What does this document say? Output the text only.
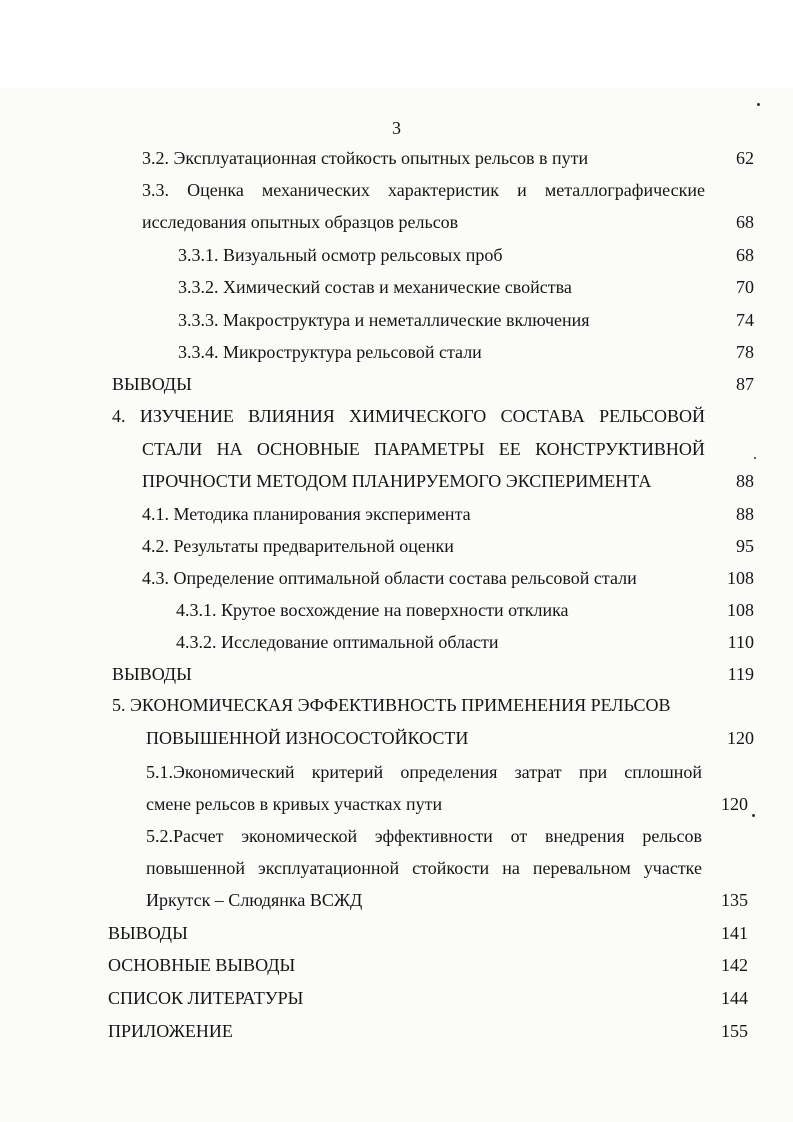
3
3.2. Эксплуатационная стойкость опытных рельсов в пути	62
3.3. Оценка механических характеристик и металлографические
исследования опытных образцов рельсов	68
3.3.1. Визуальный осмотр рельсовых проб	68
3.3.2. Химический состав и механические свойства	70
3.3.3. Макроструктура и неметаллические включения	74
3.3.4. Микроструктура рельсовой стали	78
ВЫВОДЫ	87
4. ИЗУЧЕНИЕ ВЛИЯНИЯ ХИМИЧЕСКОГО СОСТАВА РЕЛЬСОВОЙ
СТАЛИ НА ОСНОВНЫЕ ПАРАМЕТРЫ ЕЕ КОНСТРУКТИВНОЙ
ПРОЧНОСТИ МЕТОДОМ ПЛАНИРУЕМОГО ЭКСПЕРИМЕНТА	88
4.1. Методика планирования эксперимента	88
4.2. Результаты предварительной оценки	95
4.3. Определение оптимальной области состава рельсовой стали	108
4.3.1. Крутое восхождение на поверхности отклика	108
4.3.2. Исследование оптимальной области	110
ВЫВОДЫ	119
5. ЭКОНОМИЧЕСКАЯ ЭФФЕКТИВНОСТЬ ПРИМЕНЕНИЯ РЕЛЬСОВ
ПОВЫШЕННОЙ ИЗНОСОСТОЙКОСТИ	120
5.1.Экономический критерий определения затрат при сплошной
смене рельсов в кривых участках пути	120
5.2.Расчет экономической эффективности от внедрения рельсов
повышенной эксплуатационной стойкости на перевальном участке
Иркутск – Слюдянка ВСЖД	135
ВЫВОДЫ	141
ОСНОВНЫЕ ВЫВОДЫ	142
СПИСОК ЛИТЕРАТУРЫ	144
ПРИЛОЖЕНИЕ	155
